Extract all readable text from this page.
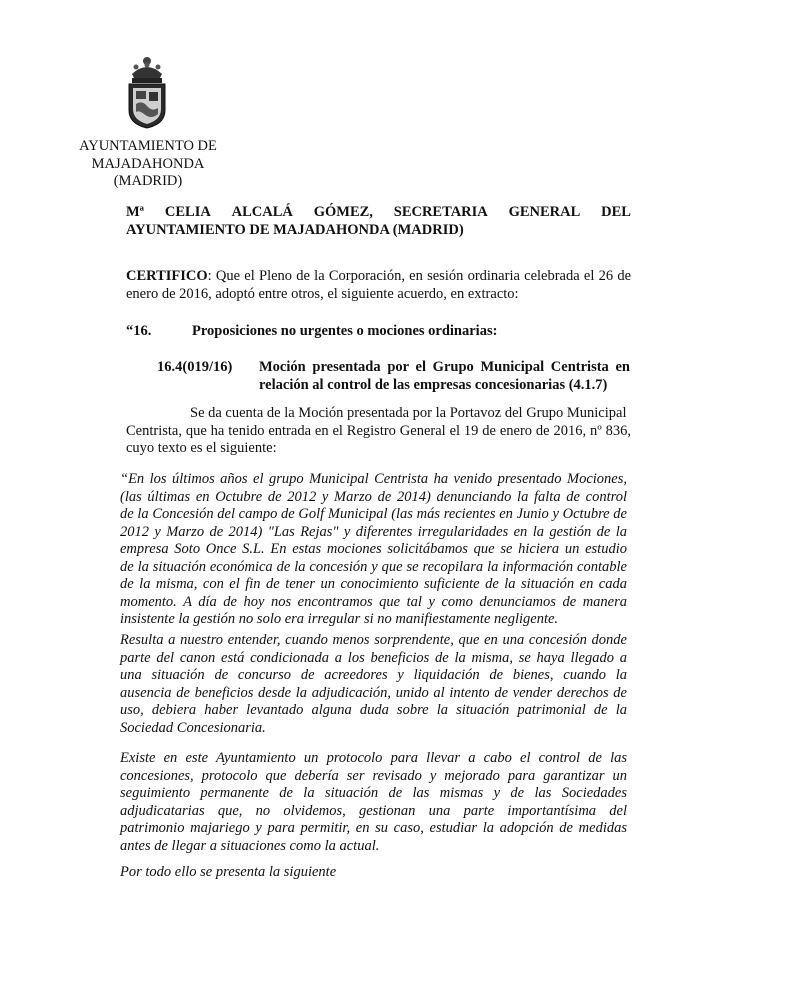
AYUNTAMIENTO DE
MAJADAHONDA
(MADRID)
Mª CELIA ALCALÁ GÓMEZ, SECRETARIA GENERAL DEL
AYUNTAMIENTO DE MAJADAHONDA (MADRID)
CERTIFICO: Que el Pleno de la Corporación, en sesión ordinaria celebrada el 26 de
enero de 2016, adoptó entre otros, el siguiente acuerdo, en extracto:
“16.	Proposiciones no urgentes o mociones ordinarias:
16.4(019/16) Moción presentada por el Grupo Municipal Centrista en
relación al control de las empresas concesionarias (4.1.7)
Se da cuenta de la Moción presentada por la Portavoz del Grupo Municipal
Centrista, que ha tenido entrada en el Registro General el 19 de enero de 2016, nº 836,
cuyo texto es el siguiente:
“En los últimos años el grupo Municipal Centrista ha venido presentado Mociones,
(las últimas en Octubre de 2012 y Marzo de 2014) denunciando la falta de control
de la Concesión del campo de Golf Municipal (las más recientes en Junio y Octubre de
2012 y Marzo de 2014) "Las Rejas" y diferentes irregularidades en la gestión de la
empresa Soto Once S.L. En estas mociones solicitábamos que se hiciera un estudio
de la situación económica de la concesión y que se recopilara la información contable
de la misma, con el fin de tener un conocimiento suficiente de la situación en cada
momento. A día de hoy nos encontramos que tal y como denunciamos de manera
insistente la gestión no solo era irregular si no manifiestamente negligente.
Resulta a nuestro entender, cuando menos sorprendente, que en una concesión donde
parte del canon está condicionada a los beneficios de la misma, se haya llegado a
una situación de concurso de acreedores y liquidación de bienes, cuando la
ausencia de beneficios desde la adjudicación, unido al intento de vender derechos de
uso, debiera haber levantado alguna duda sobre la situación patrimonial de la
Sociedad Concesionaria.
Existe en este Ayuntamiento un protocolo para llevar a cabo el control de las
concesiones, protocolo que debería ser revisado y mejorado para garantizar un
seguimiento permanente de la situación de las mismas y de las Sociedades
adjudicatarias que, no olvidemos, gestionan una parte importantísima del
patrimonio majariego y para permitir, en su caso, estudiar la adopción de medidas
antes de llegar a situaciones como la actual.
Por todo ello se presenta la siguiente
